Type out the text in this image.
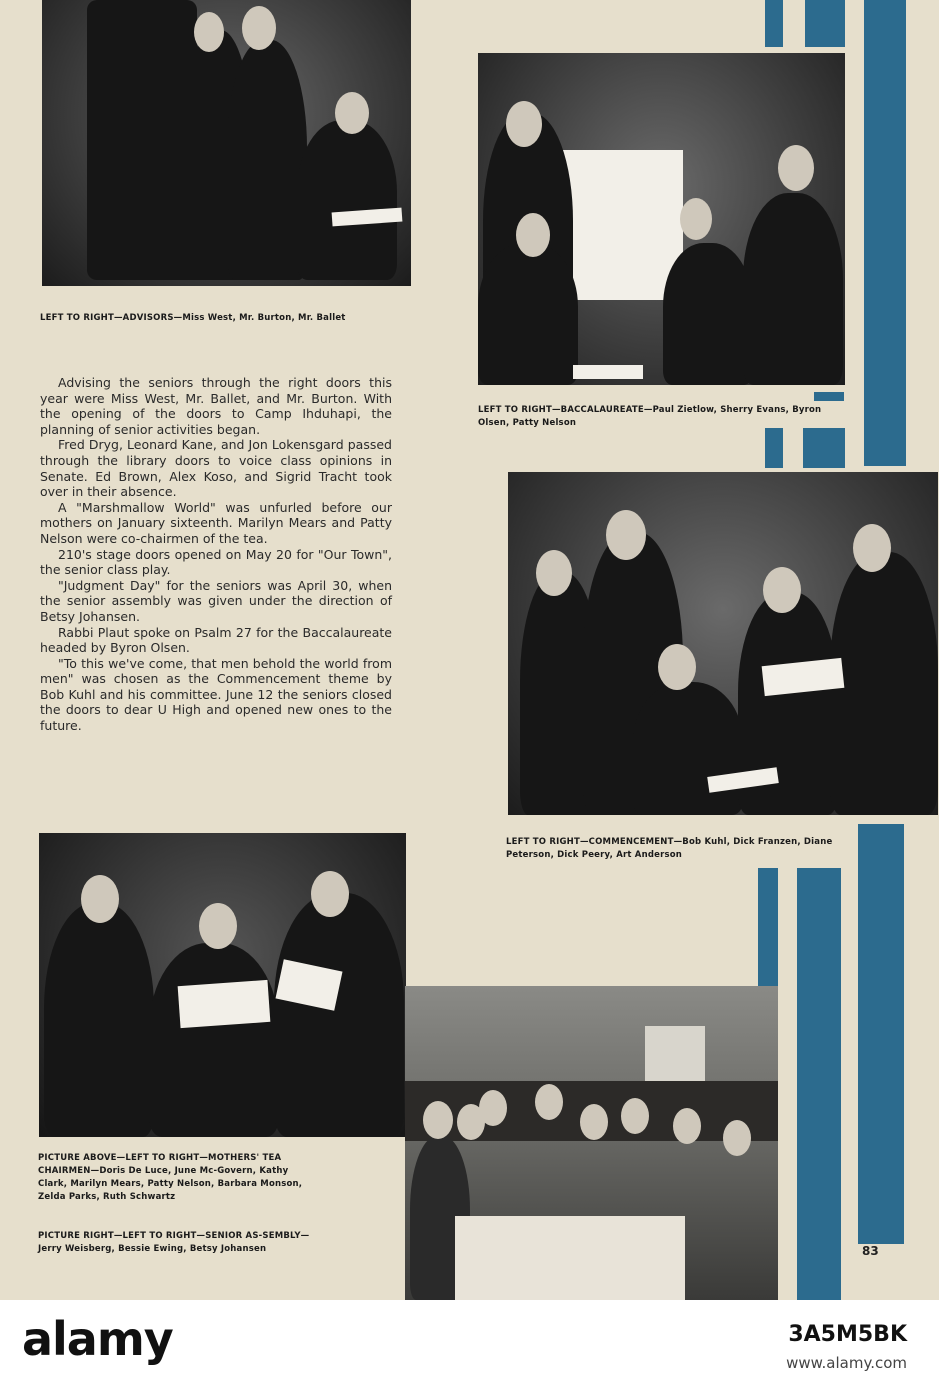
LEFT TO RIGHT—ADVISORS—Miss West, Mr. Burton, Mr. Ballet
LEFT TO RIGHT—BACCALAUREATE—Paul Zietlow, Sherry Evans, Byron Olsen, Patty Nelson

Advising the seniors through the right doors this year were Miss West, Mr. Ballet, and Mr. Burton. With the opening of the doors to Camp Ihduhapi, the planning of senior activities began.

Fred Dryg, Leonard Kane, and Jon Lokensgard passed through the library doors to voice class opinions in Senate. Ed Brown, Alex Koso, and Sigrid Tracht took over in their absence.

A "Marshmallow World" was unfurled before our mothers on January sixteenth. Marilyn Mears and Patty Nelson were co-chairmen of the tea.

210's stage doors opened on May 20 for "Our Town", the senior class play.

"Judgment Day" for the seniors was April 30, when the senior assembly was given under the direction of Betsy Johansen.

Rabbi Plaut spoke on Psalm 27 for the Baccalaureate headed by Byron Olsen.

"To this we've come, that men behold the world from men" was chosen as the Commencement theme by Bob Kuhl and his committee. June 12 the seniors closed the doors to dear U High and opened new ones to the future.

LEFT TO RIGHT—COMMENCEMENT—Bob Kuhl, Dick Franzen, Diane Peterson, Dick Peery, Art Anderson
PICTURE ABOVE—LEFT TO RIGHT—MOTHERS' TEA CHAIRMEN—Doris De Luce, June Mc-Govern, Kathy Clark, Marilyn Mears, Patty Nelson, Barbara Monson, Zelda Parks, Ruth Schwartz
PICTURE RIGHT—LEFT TO RIGHT—SENIOR AS-SEMBLY—Jerry Weisberg, Bessie Ewing, Betsy Johansen	83
alamy	3A5M5BK
www.alamy.com
